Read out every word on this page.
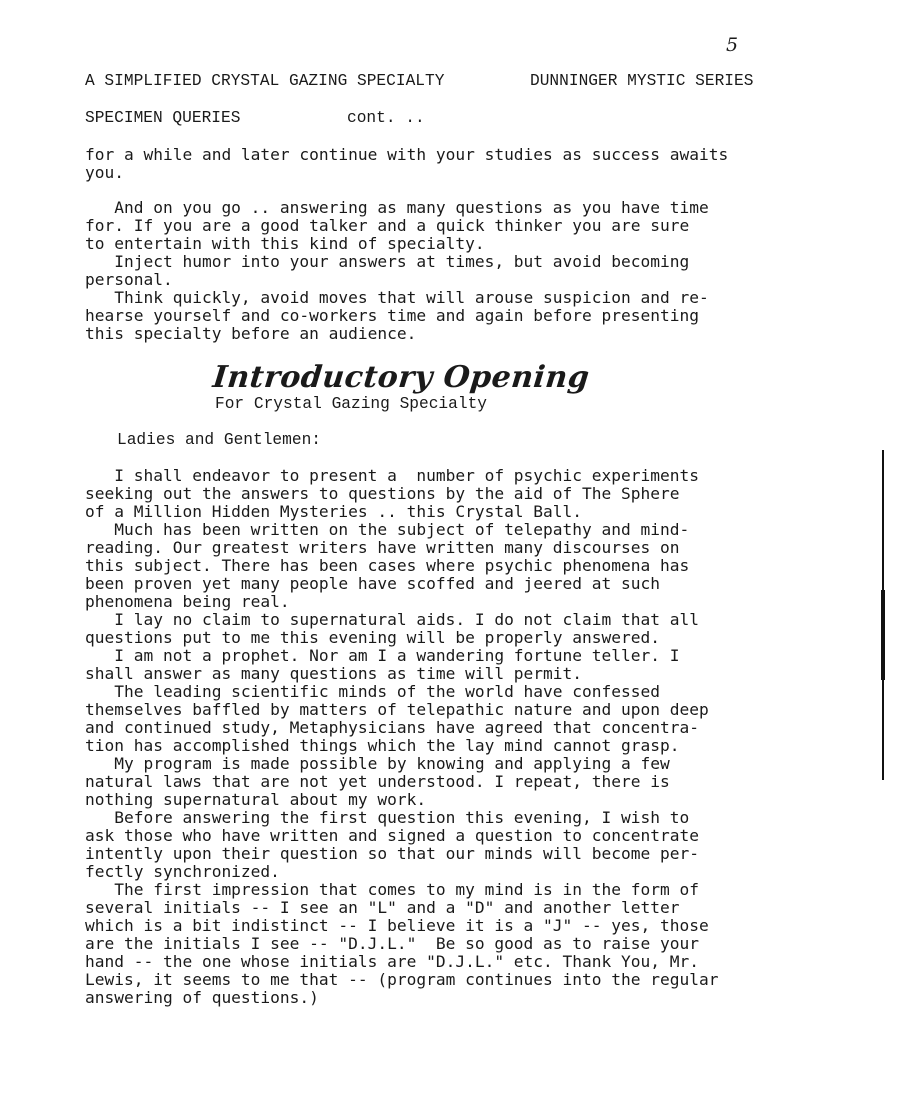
5
A SIMPLIFIED CRYSTAL GAZING SPECIALTY	DUNNINGER MYSTIC SERIES
SPECIMEN QUERIES	cont. ..
for a while and later continue with your studies as success awaits
you.
And on you go .. answering as many questions as you have time
for. If you are a good talker and a quick thinker you are sure
to entertain with this kind of specialty.
Inject humor into your answers at times, but avoid becoming
personal.
Think quickly, avoid moves that will arouse suspicion and re-
hearse yourself and co-workers time and again before presenting
this specialty before an audience.
Introductory Opening
For Crystal Gazing Specialty
Ladies and Gentlemen:
I shall endeavor to present a  number of psychic experiments
seeking out the answers to questions by the aid of The Sphere
of a Million Hidden Mysteries .. this Crystal Ball.
Much has been written on the subject of telepathy and mind-
reading. Our greatest writers have written many discourses on
this subject. There has been cases where psychic phenomena has
been proven yet many people have scoffed and jeered at such
phenomena being real.
I lay no claim to supernatural aids. I do not claim that all
questions put to me this evening will be properly answered.
I am not a prophet. Nor am I a wandering fortune teller. I
shall answer as many questions as time will permit.
The leading scientific minds of the world have confessed
themselves baffled by matters of telepathic nature and upon deep
and continued study, Metaphysicians have agreed that concentra-
tion has accomplished things which the lay mind cannot grasp.
My program is made possible by knowing and applying a few
natural laws that are not yet understood. I repeat, there is
nothing supernatural about my work.
Before answering the first question this evening, I wish to
ask those who have written and signed a question to concentrate
intently upon their question so that our minds will become per-
fectly synchronized.
The first impression that comes to my mind is in the form of
several initials -- I see an "L" and a "D" and another letter
which is a bit indistinct -- I believe it is a "J" -- yes, those
are the initials I see -- "D.J.L."  Be so good as to raise your
hand -- the one whose initials are "D.J.L." etc. Thank You, Mr.
Lewis, it seems to me that -- (program continues into the regular
answering of questions.)
